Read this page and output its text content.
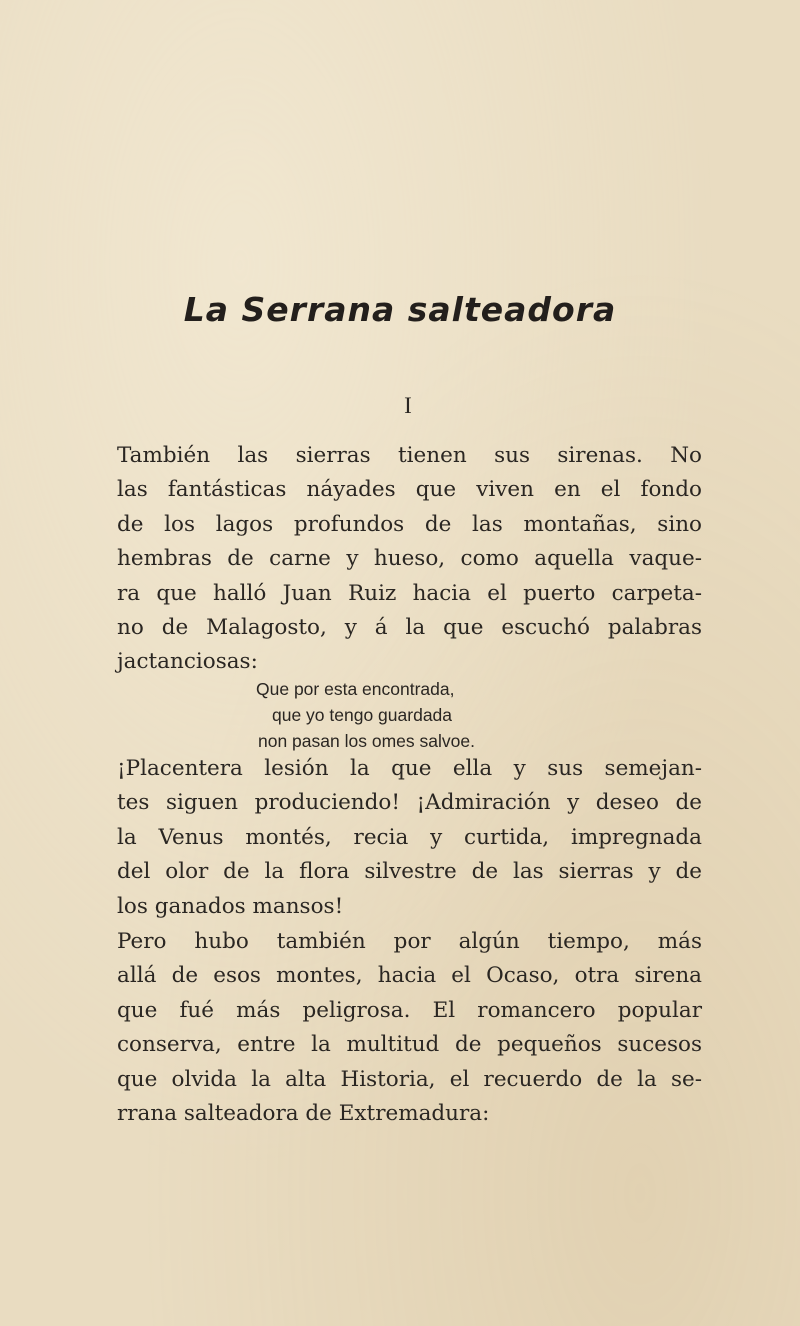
La Serrana salteadora
I
También las sierras tienen sus sirenas. No
las fantásticas náyades que viven en el fondo
de los lagos profundos de las montañas, sino
hembras de carne y hueso, como aquella vaque-
ra que halló Juan Ruiz hacia el puerto carpeta-
no de Malagosto, y á la que escuchó palabras
jactanciosas:
Que por esta encontrada,
que yo tengo guardada
non pasan los omes salvoe.
¡Placentera lesión la que ella y sus semejan-
tes siguen produciendo! ¡Admiración y deseo de
la Venus montés, recia y curtida, impregnada
del olor de la flora silvestre de las sierras y de
los ganados mansos!
Pero hubo también por algún tiempo, más
allá de esos montes, hacia el Ocaso, otra sirena
que fué más peligrosa. El romancero popular
conserva, entre la multitud de pequeños sucesos
que olvida la alta Historia, el recuerdo de la se-
rrana salteadora de Extremadura:
